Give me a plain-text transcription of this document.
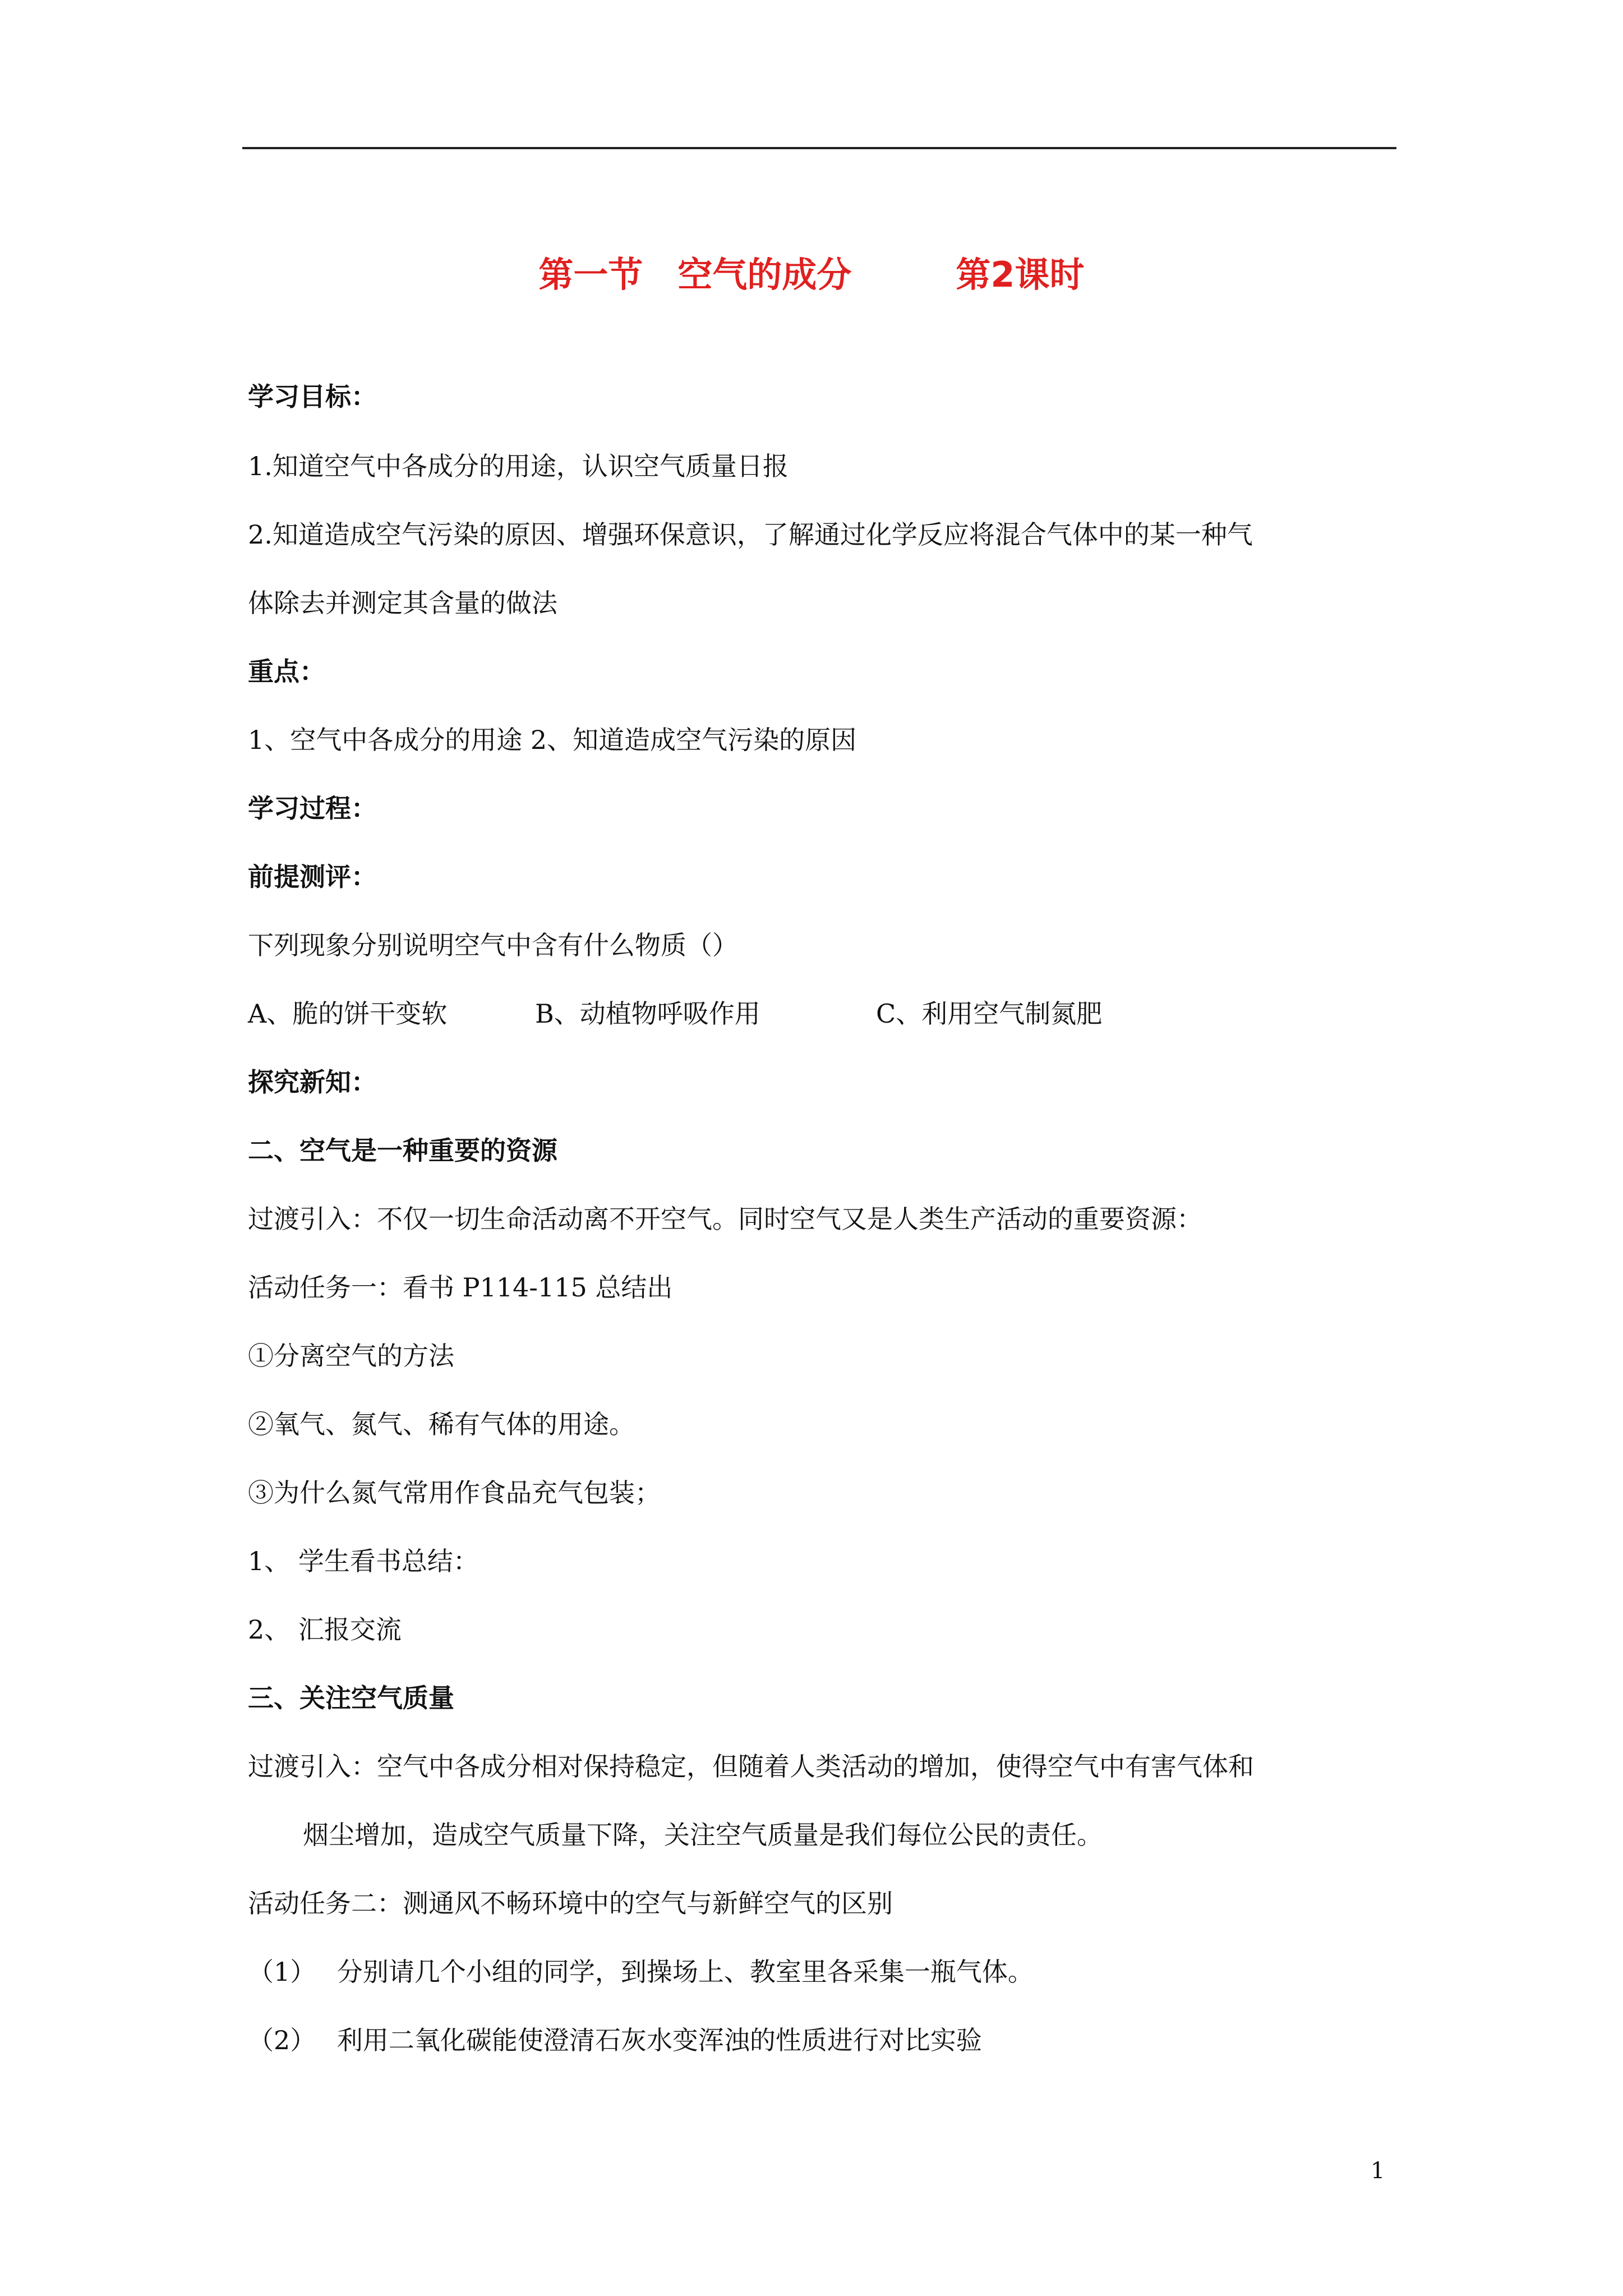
第一节　空气的成分　　　第2课时
学习目标：
1.知道空气中各成分的用途，认识空气质量日报
2.知道造成空气污染的原因、增强环保意识，了解通过化学反应将混合气体中的某一种气
体除去并测定其含量的做法
重点：
1、空气中各成分的用途 2、知道造成空气污染的原因
学习过程：
前提测评：
下列现象分别说明空气中含有什么物质（）

A、脆的饼干变软

	B、动植物呼吸作用

	C、利用空气制氮肥

探究新知：
二、空气是一种重要的资源
过渡引入：不仅一切生命活动离不开空气。同时空气又是人类生产活动的重要资源：
活动任务一：看书 P114-115 总结出
①分离空气的方法
②氧气、氮气、稀有气体的用途。
③为什么氮气常用作食品充气包装；
1、 学生看书总结：
2、 汇报交流
三、关注空气质量
过渡引入：空气中各成分相对保持稳定，但随着人类活动的增加，使得空气中有害气体和
烟尘增加，造成空气质量下降，关注空气质量是我们每位公民的责任。
活动任务二：测通风不畅环境中的空气与新鲜空气的区别
（1）　 分别请几个小组的同学，到操场上、教室里各采集一瓶气体。
（2）　 利用二氧化碳能使澄清石灰水变浑浊的性质进行对比实验
1
